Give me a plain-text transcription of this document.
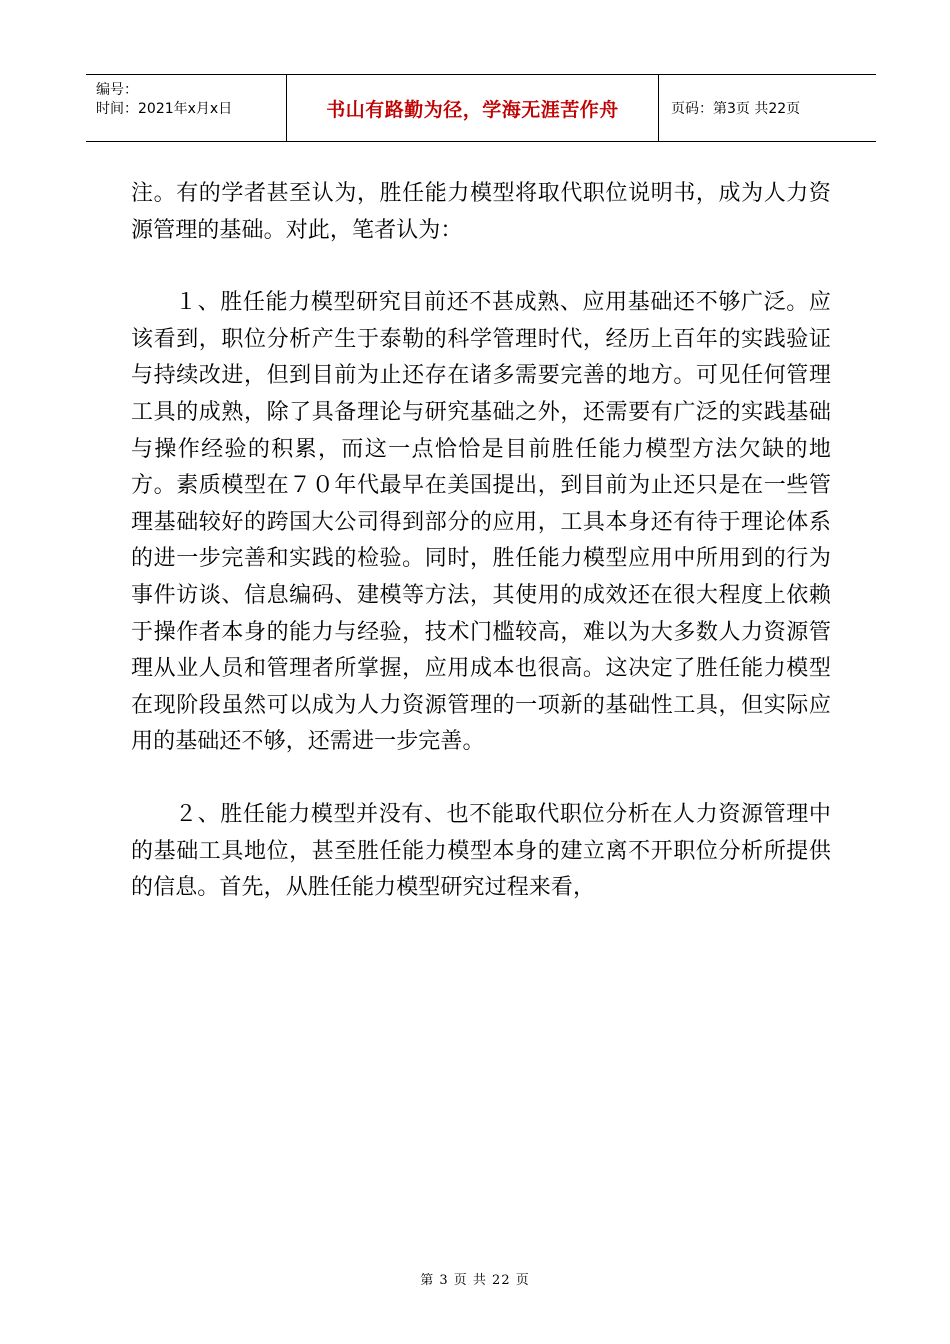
编号：
时间：2021年x月x日	书山有路勤为径，学海无涯苦作舟	页码：第3页 共22页

注。有的学者甚至认为，胜任能力模型将取代职位说明书，成为人力资源管理的基础。对此，笔者认为：

１、胜任能力模型研究目前还不甚成熟、应用基础还不够广泛。应该看到，职位分析产生于泰勒的科学管理时代，经历上百年的实践验证与持续改进，但到目前为止还存在诸多需要完善的地方。可见任何管理工具的成熟，除了具备理论与研究基础之外，还需要有广泛的实践基础与操作经验的积累，而这一点恰恰是目前胜任能力模型方法欠缺的地方。素质模型在７０年代最早在美国提出，到目前为止还只是在一些管理基础较好的跨国大公司得到部分的应用，工具本身还有待于理论体系的进一步完善和实践的检验。同时，胜任能力模型应用中所用到的行为事件访谈、信息编码、建模等方法，其使用的成效还在很大程度上依赖于操作者本身的能力与经验，技术门槛较高，难以为大多数人力资源管理从业人员和管理者所掌握，应用成本也很高。这决定了胜任能力模型在现阶段虽然可以成为人力资源管理的一项新的基础性工具，但实际应用的基础还不够，还需进一步完善。

２、胜任能力模型并没有、也不能取代职位分析在人力资源管理中的基础工具地位，甚至胜任能力模型本身的建立离不开职位分析所提供的信息。首先，从胜任能力模型研究过程来看，

第 3 页 共 22 页
